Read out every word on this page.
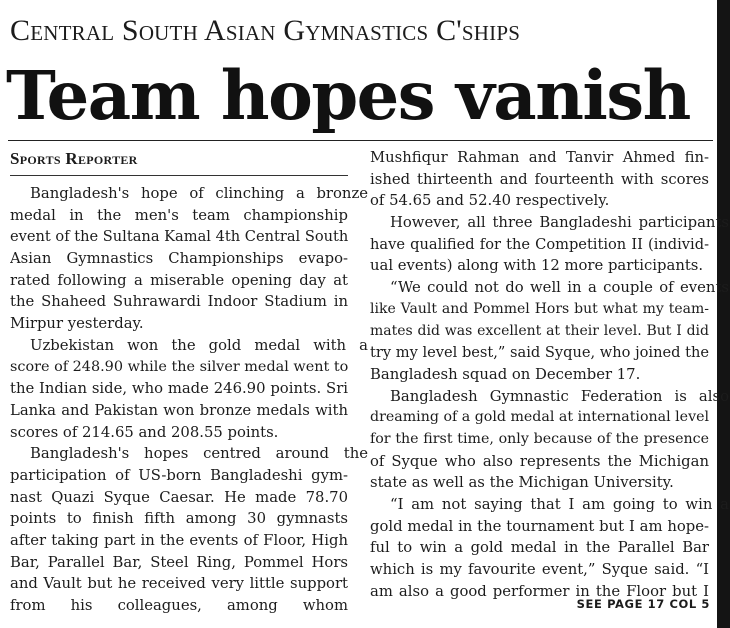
Central South Asian Gymnastics C'ships
Team hopes vanish
Sports Reporter
Bangladesh's hope of clinching a bronze
medal in the men's team championship
event of the Sultana Kamal 4th Central South
Asian Gymnastics Championships evapo-
rated following a miserable opening day at
the Shaheed Suhrawardi Indoor Stadium in
Mirpur yesterday.
Uzbekistan won the gold medal with a
score of 248.90 while the silver medal went to
the Indian side, who made 246.90 points. Sri
Lanka and Pakistan won bronze medals with
scores of 214.65 and 208.55 points.
Bangladesh's hopes centred around the
participation of US-born Bangladeshi gym-
nast Quazi Syque Caesar. He made 78.70
points to finish fifth among 30 gymnasts
after taking part in the events of Floor, High
Bar, Parallel Bar, Steel Ring, Pommel Hors
and Vault but he received very little support
from his colleagues, among whom
Mushfiqur Rahman and Tanvir Ahmed fin-
ished thirteenth and fourteenth with scores
of 54.65 and 52.40 respectively.
However, all three Bangladeshi participants
have qualified for the Competition II (individ-
ual events) along with 12 more participants.
“We could not do well in a couple of events
like Vault and Pommel Hors but what my team-
mates did was excellent at their level. But I did
try my level best,” said Syque, who joined the
Bangladesh squad on December 17.
Bangladesh Gymnastic Federation is also
dreaming of a gold medal at international level
for the first time, only because of the presence
of Syque who also represents the Michigan
state as well as the Michigan University.
“I am not saying that I am going to win a
gold medal in the tournament but I am hope-
ful to win a gold medal in the Parallel Bar
which is my favourite event,” Syque said. “I
am also a good performer in the Floor but I
SEE PAGE 17 COL 5
